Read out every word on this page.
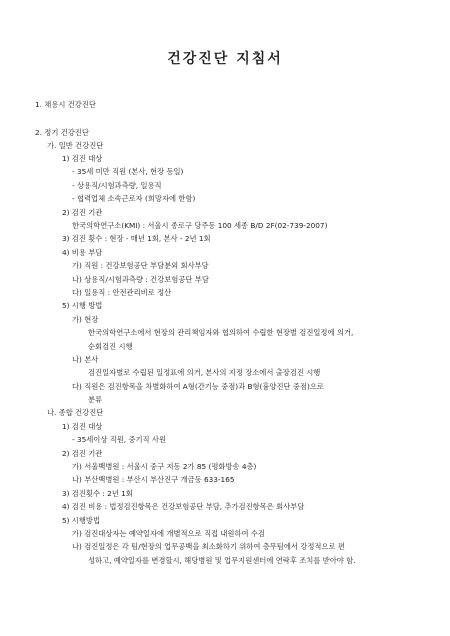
건강진단 지침서
1. 채용시 건강진단
2. 정기 건강진단
가. 일반 건강진단
1) 검진 대상
- 35세 미만 직원 (본사, 현장 동일)
- 상용직/시험과측량, 일용직
- 협력업체 소속근로자 (희망자에 한함)
2) 검진 기관
한국의학연구소(KMI) : 서울시 종로구 당주동 100 세종 B/D 2F(02-739-2007)
3) 검진 횟수 : 현장 - 매년 1회, 본사 - 2년 1회
4) 비용 부담
가) 직원 : 건강보험공단 부담분외 회사부담
나) 상용직/시험과측량 : 건강보험공단 부담
다) 일용직 : 안전관리비로 정산
5) 시행 방법
가) 현장
한국의학연구소에서 현장의 관리책임자와 협의하여 수립한 현장별 검진일정에 의거,
순회검진 시행
나) 본사
검진일자별로 수립된 일정표에 의거, 본사의 지정 장소에서 출장검진 시행
다) 직원은 검진항목을 차별화하여 A형(간기능 중점)과 B형(흉양진단 중점)으로
분류
나. 종합 건강진단
1) 검진 대상
- 35세이상 직원, 중기직 사원
2) 검진 기관
가) 서울백병원 : 서울시 중구 저동 2가 85 (평화방송 4층)
나) 부산백병원 : 부산시 부산진구 개금동 633-165
3) 검진횟수 : 2년 1회
4) 검진 비용 : 법정검진항목은 건강보험공단 부담, 추가검진항목은 회사부담
5) 시행방법
가) 검진대상자는 예약일자에 개별적으로 직접 내원하여 수검
나) 검진일정은 각 팀/현장의 업무공백을 최소화하기 위하여 층무팀에서 강정적으로 편
성하고, 예약일자를 변경할시, 해당병원 및 업무지원센터에 연락후 조치를 받아야 함.
